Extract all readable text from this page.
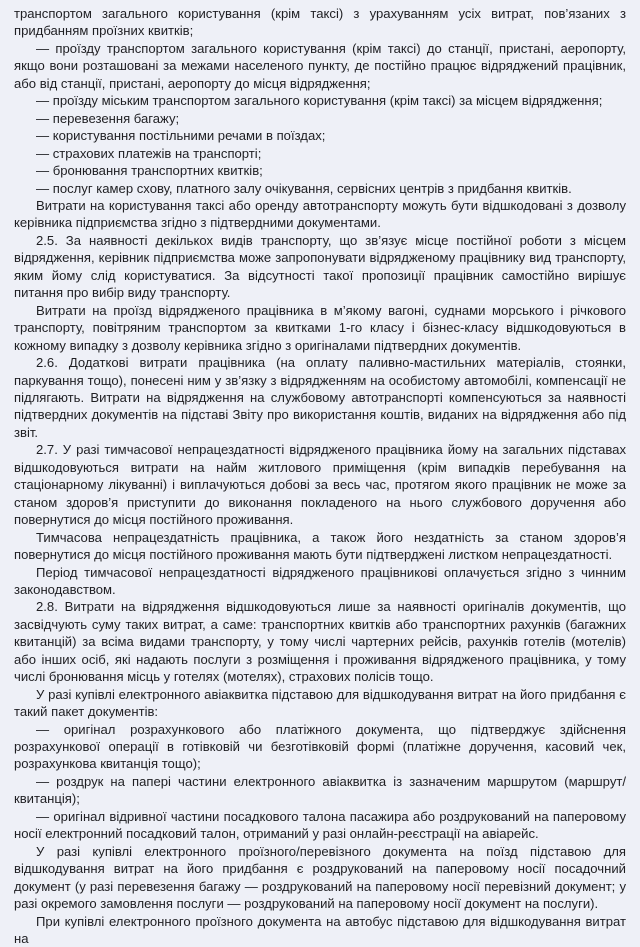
транспортом загального користування (крім таксі) з урахуванням усіх витрат, пов’язаних з придбанням проїзних квитків;

— проїзду транспортом загального користування (крім таксі) до станції, пристані, аеропорту, якщо вони розташовані за межами населеного пункту, де постійно працює відряджений працівник, або від станції, пристані, аеропорту до місця відрядження;

— проїзду міським транспортом загального користування (крім таксі) за місцем відрядження;

— перевезення багажу;

— користування постільними речами в поїздах;

— страхових платежів на транспорті;

— бронювання транспортних квитків;

— послуг камер схову, платного залу очікування, сервісних центрів з придбання квитків.

Витрати на користування таксі або оренду автотранспорту можуть бути відшкодовані з дозволу керівника підприємства згідно з підтвердними документами.

2.5. За наявності декількох видів транспорту, що зв’язує місце постійної роботи з місцем відрядження, керівник підприємства може запропонувати відрядженому працівнику вид транспорту, яким йому слід користуватися. За відсутності такої пропозиції працівник самостійно вирішує питання про вибір виду транспорту.

Витрати на проїзд відрядженого працівника в м’якому вагоні, суднами морського і річкового транспорту, повітряним транспортом за квитками 1-го класу і бізнес-класу відшкодовуються в кожному випадку з дозволу керівника згідно з оригіналами підтвердних документів.

2.6. Додаткові витрати працівника (на оплату паливно-мастильних матеріалів, стоянки, паркування тощо), понесені ним у зв’язку з відрядженням на особистому автомобілі, компенсації не підлягають. Витрати на відрядження на службовому автотранспорті компенсуються за наявності підтвердних документів на підставі Звіту про використання коштів, виданих на відрядження або під звіт.

2.7. У разі тимчасової непрацездатності відрядженого працівника йому на загальних підставах відшкодовуються витрати на найм житлового приміщення (крім випадків перебування на стаціонарному лікуванні) і виплачуються добові за весь час, протягом якого працівник не може за станом здоров’я приступити до виконання покладеного на нього службового доручення або повернутися до місця постійного проживання.

Тимчасова непрацездатність працівника, а також його нездатність за станом здоров’я повернутися до місця постійного проживання мають бути підтверджені листком непрацездатності.

Період тимчасової непрацездатності відрядженого працівникові оплачується згідно з чинним законодавством.

2.8. Витрати на відрядження відшкодовуються лише за наявності оригіналів документів, що засвідчують суму таких витрат, а саме: транспортних квитків або транспортних рахунків (багажних квитанцій) за всіма видами транспорту, у тому числі чартерних рейсів, рахунків готелів (мотелів) або інших осіб, які надають послуги з розміщення і проживання відрядженого працівника, у тому числі бронювання місць у готелях (мотелях), страхових полісів тощо.

У разі купівлі електронного авіаквитка підставою для відшкодування витрат на його придбання є такий пакет документів:

— оригінал розрахункового або платіжного документа, що підтверджує здійснення розрахункової операції в готівковій чи безготівковій формі (платіжне доручення, касовий чек, розрахункова квитанція тощо);

— роздрук на папері частини електронного авіаквитка із зазначеним маршрутом (маршрут/квитанція);

— оригінал відривної частини посадкового талона пасажира або роздрукований на паперовому носії електронний посадковий талон, отриманий у разі онлайн-реєстрації на авіарейс.

У разі купівлі електронного проїзного/перевізного документа на поїзд підставою для відшкодування витрат на його придбання є роздрукований на паперовому носії посадочний документ (у разі перевезення багажу — роздрукований на паперовому носії перевізний документ; у разі окремого замовлення послуги — роздрукований на паперовому носії документ на послуги).

При купівлі електронного проїзного документа на автобус підставою для відшкодування витрат на
